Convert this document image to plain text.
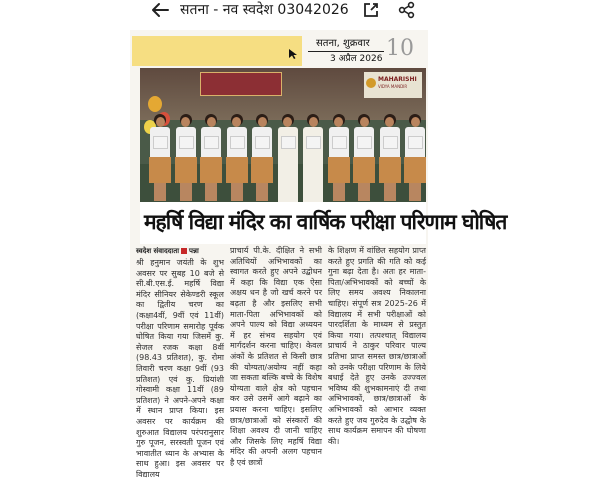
सतना - नव स्वदेश 03042026
सतना, शुक्रवार
3 अप्रैल 2026 10
MAHARISHI
VIDYA MANDIR
महर्षि विद्या मंदिर का वार्षिक परीक्षा परिणाम घोषित
स्वदेश संवाददाता पन्ना
श्री हनुमान जयंती के शुभ अवसर पर सुबह 10 बजे से सी.बी.एस.ई. महर्षि विद्या मंदिर सीनियर सेकेण्डरी स्कूल का द्वितीय चरण का (कक्षा4वीं, 9वीं एवं 11वीं) परीक्षा परिणाम समारोह पूर्वक घोषित किया गया जिसमें कु. सेजल रजक कक्षा 8वीं (98.43 प्रतिशत), कु. रोमा तिवारी चरण कक्षा 9वीं (93 प्रतिशत) एवं कु. प्रियांशी गोस्वामी कक्षा 11वीं (89 प्रतिशत) ने अपने-अपने कक्षा में स्थान प्राप्त किया। इस अवसर पर कार्यक्रम की शुरुआत विद्यालय परंपरानुसार गुरु पूजन, सरस्वती पूजन एवं भावातीत ध्यान के अभ्यास के साथ हुआ। इस अवसर पर विद्यालय
प्राचार्य पी.के. दीक्षित ने सभी अतिथियों अभिभावकों का स्वागत करते हुए अपने उद्बोधन में कहा कि विद्या एक ऐसा अक्षय धन है जो खर्च करने पर बढ़ता है और इसलिए सभी माता-पिता अभिभावकों को अपने पाल्य को विद्या अध्ययन में हर संभव सहयोग एवं मार्गदर्शन करना चाहिए। केवल अंकों के प्रतिशत से किसी छात्र की योग्यता/अयोग्य नहीं कहा जा सकता बल्कि बच्चे के विशेष योग्यता वाले क्षेत्र को पहचान कर उसे उसमें आगे बढ़ाने का प्रयास करना चाहिए। इसलिए छात्र/छात्राओं को संस्कारों की शिक्षा अवश्य दी जानी चाहिए और जिसके लिए महर्षि विद्या मंदिर की अपनी अलग पहचान है एवं छात्रों
के शिक्षण में वांछित सहयोग प्राप्त करते हुए प्रगति की गति को कई गुना बढ़ा देता है। अतः हर माता-पिता/अभिभावकों को बच्चों के लिए समय अवश्य निकालना चाहिए। संपूर्ण सत्र 2025-26 में विद्यालय में सभी परीक्षाओं को पारदर्शिता के माध्यम से प्रस्तुत किया गया। तत्पश्चात् विद्यालय प्राचार्य ने ठाकुर परिवार पाल्य प्रतिभा प्राप्त समस्त छात्र/छात्राओं को उनके परीक्षा परिणाम के लिये बधाई देते हुए उनके उज्ज्वल भविष्य की शुभकामनाएं दी तथा अभिभावकों, छात्र/छात्राओं के अभिभावकों को आभार व्यक्त करते हुए जय गुरुदेव के उद्घोष के साथ कार्यक्रम समापन की घोषणा की।
